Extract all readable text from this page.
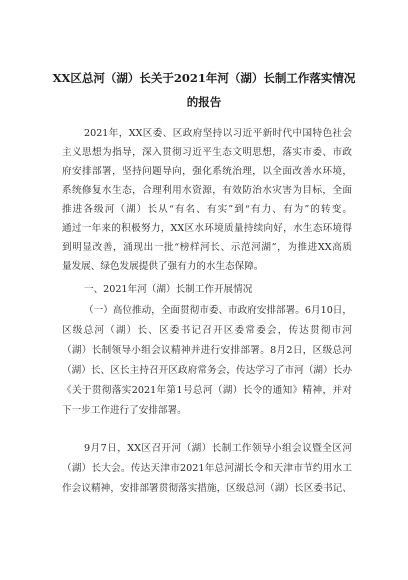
XX区总河（湖）长关于2021年河（湖）长制工作落实情况
的报告
2021年，XX区委、区政府坚持以习近平新时代中国特色社会
主义思想为指导，深入贯彻习近平生态文明思想，落实市委、市政
府安排部署，坚持问题导向，强化系统治理，以全面改善水环境，
系统修复水生态，合理利用水资源，有效防治水灾害为目标，全面
推进各级河（湖）长从“有名、有实”到“有力、有为”的转变。
通过一年来的积极努力，XX区水环境质量持续向好，水生态环境得
到明显改善，涌现出一批“榜样河长、示范河湖”，为推进XX高质
量发展、绿色发展提供了强有力的水生态保障。
一、2021年河（湖）长制工作开展情况
（一）高位推动，全面贯彻市委、市政府安排部署。6月10日，
区级总河（湖）长、区委书记召开区委常委会，传达贯彻市河
（湖）长制领导小组会议精神并进行安排部署。8月2日，区级总河
（湖）长、区长主持召开区政府常务会，传达学习了市河（湖）长办
《关于贯彻落实2021年第1号总河（湖）长令的通知》精神，并对
下一步工作进行了安排部署。
9月7日，XX区召开河（湖）长制工作领导小组会议暨全区河
（湖）长大会。传达天津市2021年总河湖长令和天津市节约用水工
作会议精神，安排部署贯彻落实措施，区级总河（湖）长区委书记、
